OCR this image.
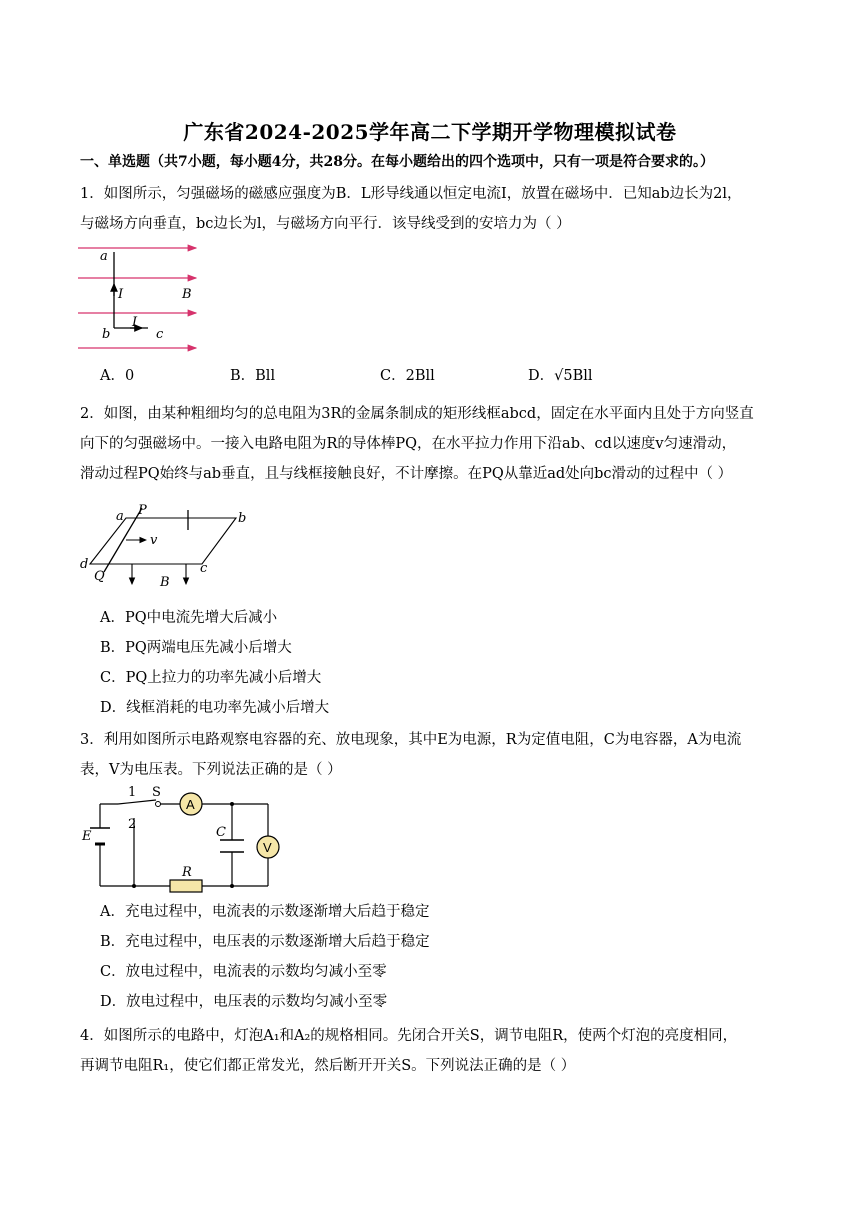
广东省2024-2025学年高二下学期开学物理模拟试卷
一、单选题（共7小题，每小题4分，共28分。在每小题给出的四个选项中，只有一项是符合要求的。）
1．如图所示，匀强磁场的磁感应强度为B．L形导线通以恒定电流I，放置在磁场中．已知ab边长为2l，
与磁场方向垂直，bc边长为l，与磁场方向平行．该导线受到的安培力为（ ）
a
I	B
I
b	c
A．0	B．Bll	C．2Bll	D．√5Bll
2．如图，由某种粗细均匀的总电阻为3R的金属条制成的矩形线框abcd，固定在水平面内且处于方向竖直
向下的匀强磁场中。一接入电路电阻为R的导体棒PQ，在水平拉力作用下沿ab、cd以速度v匀速滑动，
滑动过程PQ始终与ab垂直，且与线框接触良好，不计摩擦。在PQ从靠近ad处向bc滑动的过程中（ ）
a P
b
v
d
Q	B
c
A．PQ中电流先增大后减小
B．PQ两端电压先减小后增大
C．PQ上拉力的功率先减小后增大
D．线框消耗的电功率先减小后增大
3．利用如图所示电路观察电容器的充、放电现象，其中E为电源，R为定值电阻，C为电容器，A为电流
表，V为电压表。下列说法正确的是（ ）
A
V
1
2
S
E	C
R
A．充电过程中，电流表的示数逐渐增大后趋于稳定
B．充电过程中，电压表的示数逐渐增大后趋于稳定
C．放电过程中，电流表的示数均匀减小至零
D．放电过程中，电压表的示数均匀减小至零
4．如图所示的电路中，灯泡A₁和A₂的规格相同。先闭合开关S，调节电阻R，使两个灯泡的亮度相同，
再调节电阻R₁，使它们都正常发光，然后断开开关S。下列说法正确的是（ ）
